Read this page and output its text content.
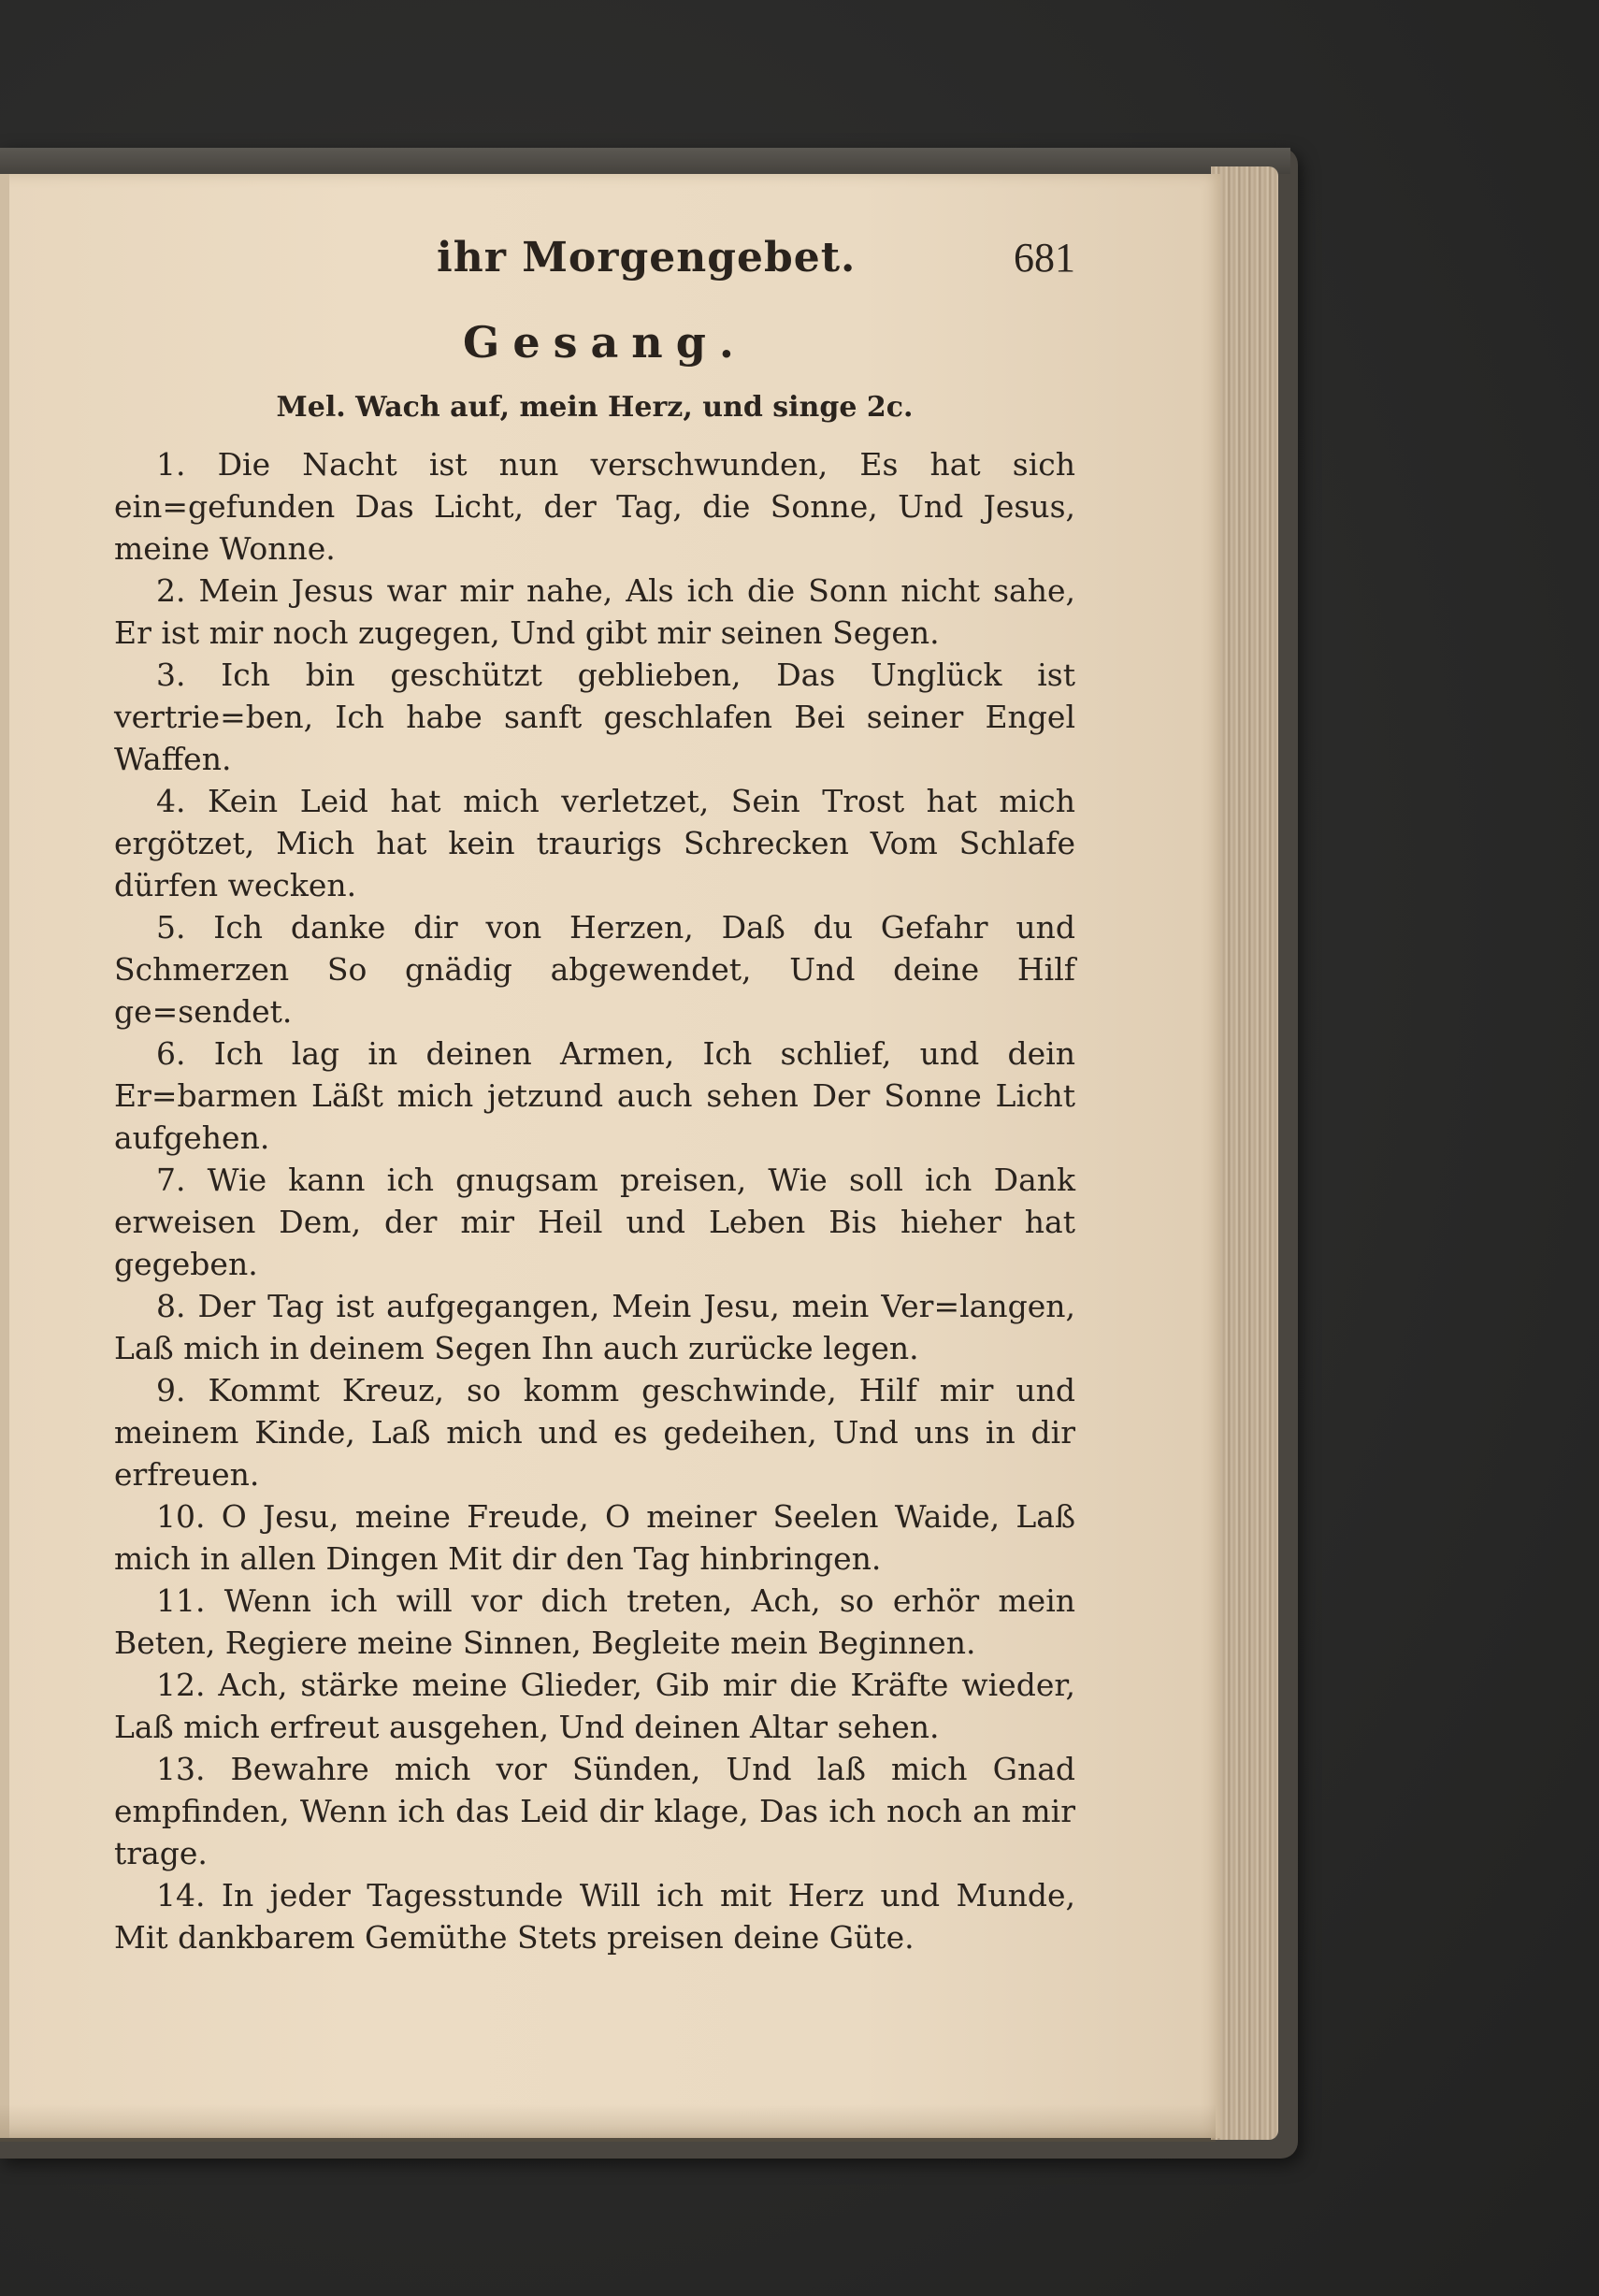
ihr Morgengebet.	681
Gesang.
Mel. Wach auf, mein Herz, und singe 2c.

1. Die Nacht ist nun verschwunden, Es hat sich ein=gefunden Das Licht, der Tag, die Sonne, Und Jesus, meine Wonne.

2. Mein Jesus war mir nahe, Als ich die Sonn nicht sahe, Er ist mir noch zugegen, Und gibt mir seinen Segen.

3. Ich bin geschützt geblieben, Das Unglück ist vertrie=ben, Ich habe sanft geschlafen Bei seiner Engel Waffen.

4. Kein Leid hat mich verletzet, Sein Trost hat mich ergötzet, Mich hat kein traurigs Schrecken Vom Schlafe dürfen wecken.

5. Ich danke dir von Herzen, Daß du Gefahr und Schmerzen So gnädig abgewendet, Und deine Hilf ge=sendet.

6. Ich lag in deinen Armen, Ich schlief, und dein Er=barmen Läßt mich jetzund auch sehen Der Sonne Licht aufgehen.

7. Wie kann ich gnugsam preisen, Wie soll ich Dank erweisen Dem, der mir Heil und Leben Bis hieher hat gegeben.

8. Der Tag ist aufgegangen, Mein Jesu, mein Ver=langen, Laß mich in deinem Segen Ihn auch zurücke legen.

9. Kommt Kreuz, so komm geschwinde, Hilf mir und meinem Kinde, Laß mich und es gedeihen, Und uns in dir erfreuen.

10. O Jesu, meine Freude, O meiner Seelen Waide, Laß mich in allen Dingen Mit dir den Tag hinbringen.

11. Wenn ich will vor dich treten, Ach, so erhör mein Beten, Regiere meine Sinnen, Begleite mein Beginnen.

12. Ach, stärke meine Glieder, Gib mir die Kräfte wieder, Laß mich erfreut ausgehen, Und deinen Altar sehen.

13. Bewahre mich vor Sünden, Und laß mich Gnad empfinden, Wenn ich das Leid dir klage, Das ich noch an mir trage.

14. In jeder Tagesstunde Will ich mit Herz und Munde, Mit dankbarem Gemüthe Stets preisen deine Güte.
